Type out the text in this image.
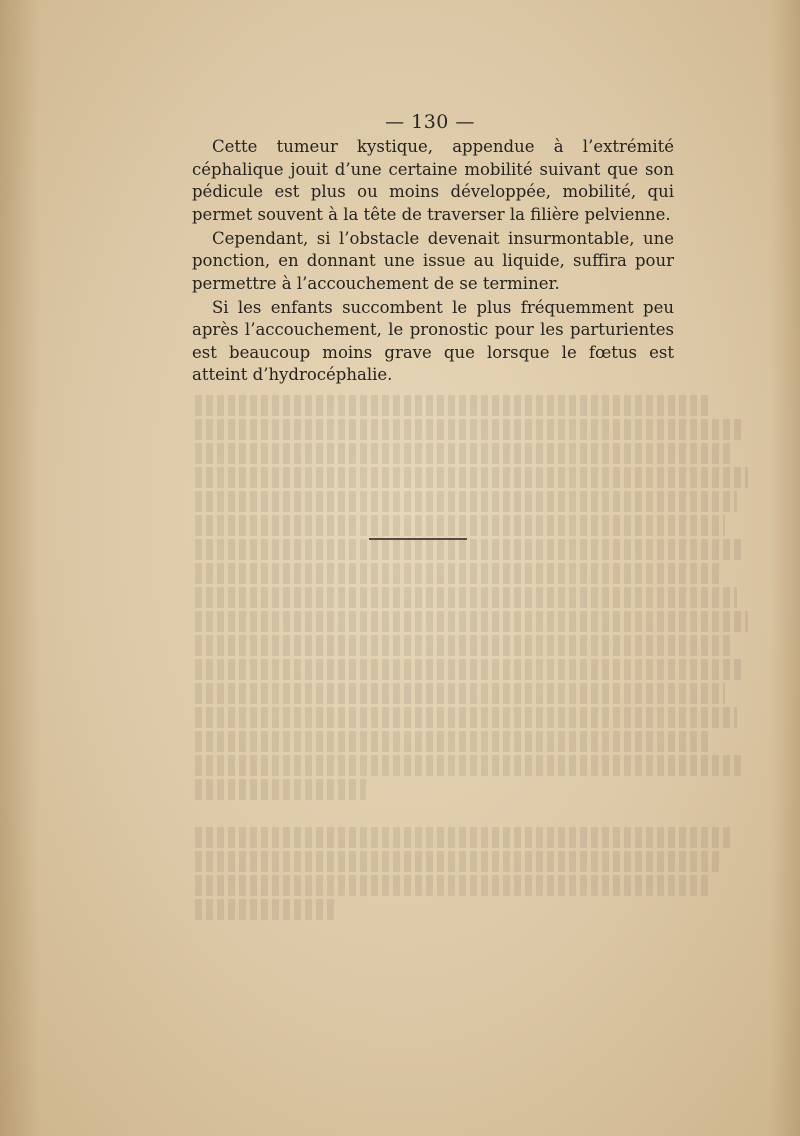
— 130 —

Cette tumeur kystique, appendue à l’extrémité céphalique jouit d’une certaine mobilité suivant que son pédicule est plus ou moins développée, mobilité, qui permet souvent à la tête de traverser la filière pelvienne.

Cependant, si l’obstacle devenait insurmontable, une ponction, en donnant une issue au liquide, suffira pour permettre à l’accouchement de se terminer.

Si les enfants succombent le plus fréquemment peu après l’accouchement, le pronostic pour les parturientes est beaucoup moins grave que lorsque le fœtus est atteint d’hydrocéphalie.
